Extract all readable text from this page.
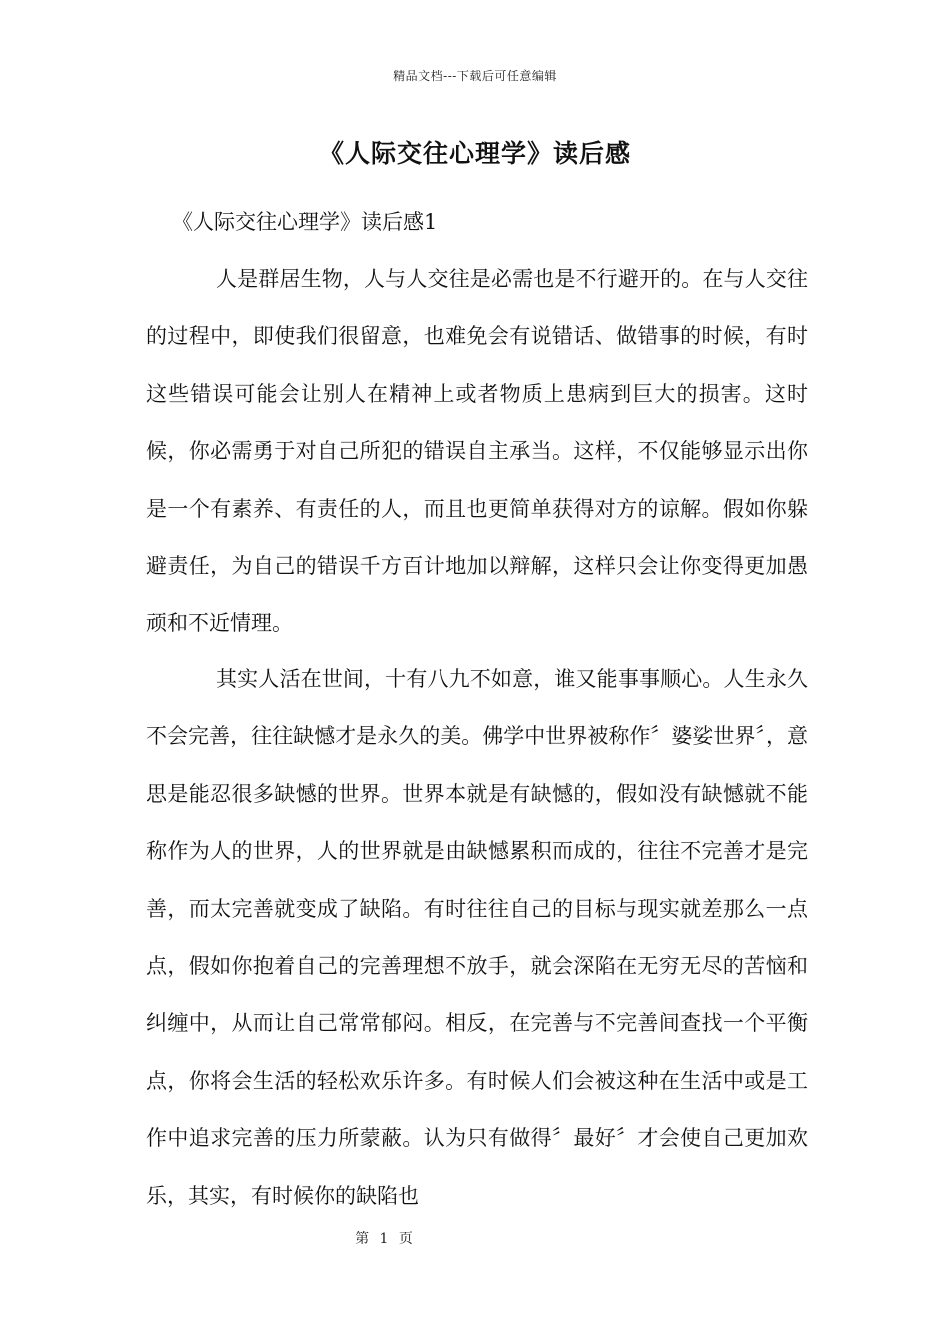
精品文档---下载后可任意编辑
《人际交往心理学》读后感

《人际交往心理学》读后感1

人是群居生物，人与人交往是必需也是不行避开的。在与人交往的过程中，即使我们很留意，也难免会有说错话、做错事的时候，有时这些错误可能会让别人在精神上或者物质上患病到巨大的损害。这时候，你必需勇于对自己所犯的错误自主承当。这样，不仅能够显示出你是一个有素养、有责任的人，而且也更简单获得对方的谅解。假如你躲避责任，为自己的错误千方百计地加以辩解，这样只会让你变得更加愚顽和不近情理。

其实人活在世间，十有八九不如意，谁又能事事顺心。人生永久不会完善，往往缺憾才是永久的美。佛学中世界被称作〞婆娑世界〞，意思是能忍很多缺憾的世界。世界本就是有缺憾的，假如没有缺憾就不能称作为人的世界，人的世界就是由缺憾累积而成的，往往不完善才是完善，而太完善就变成了缺陷。有时往往自己的目标与现实就差那么一点点，假如你抱着自己的完善理想不放手，就会深陷在无穷无尽的苦恼和纠缠中，从而让自己常常郁闷。相反，在完善与不完善间查找一个平衡点，你将会生活的轻松欢乐许多。有时候人们会被这种在生活中或是工作中追求完善的压力所蒙蔽。认为只有做得〞最好〞才会使自己更加欢乐，其实，有时候你的缺陷也

第 1 页
